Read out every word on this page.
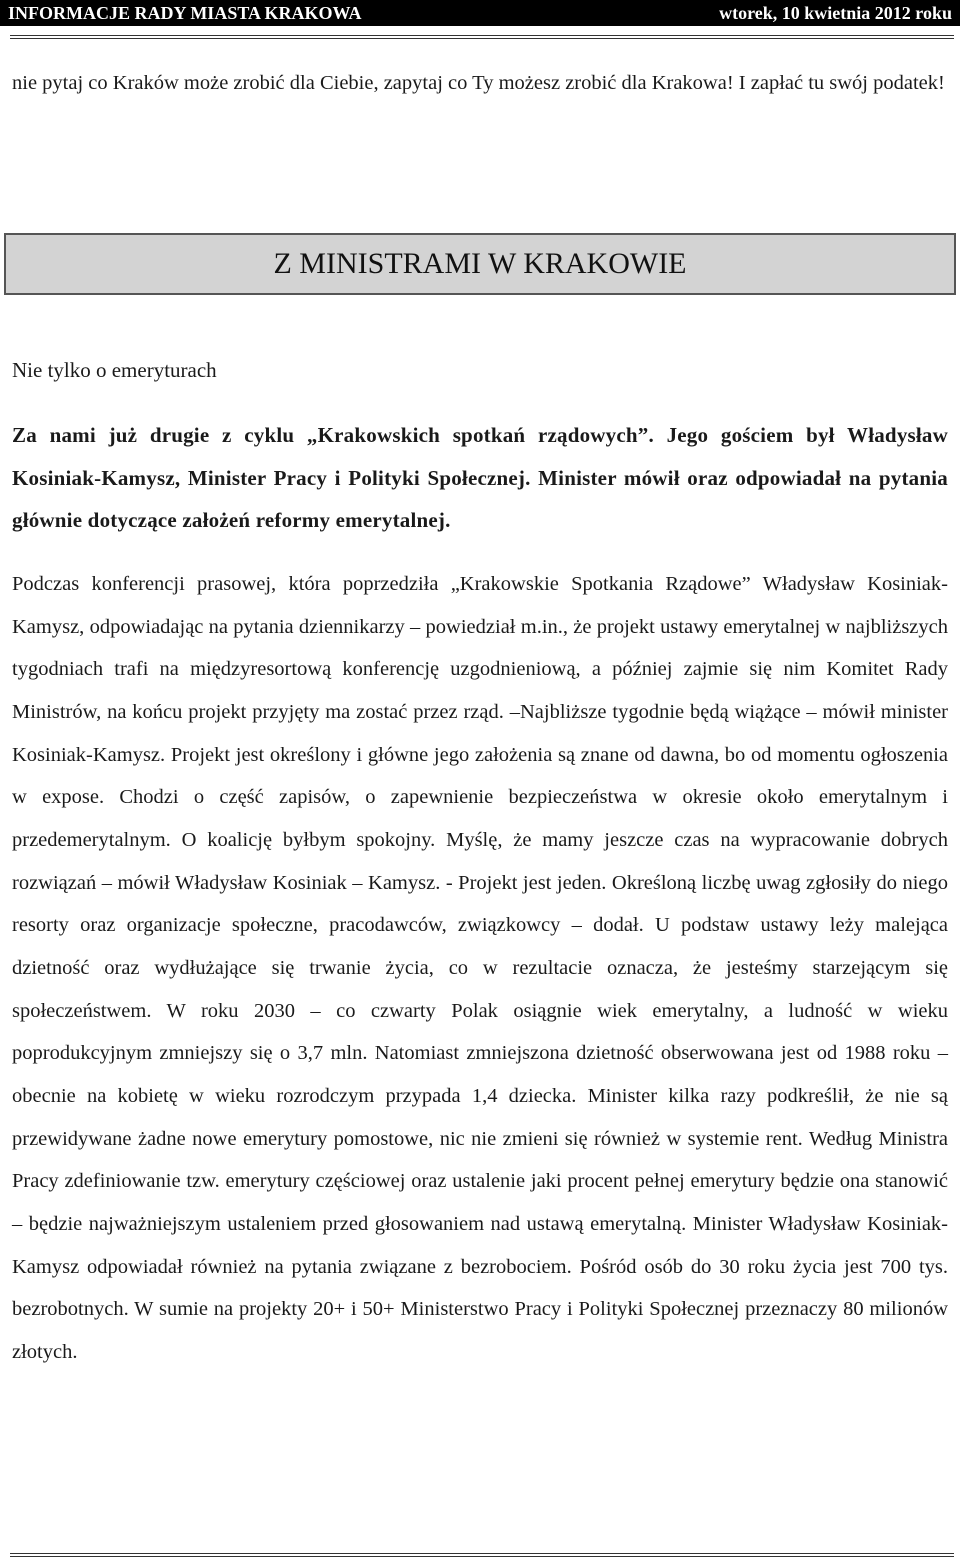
INFORMACJE RADY MIASTA KRAKOWA	wtorek, 10 kwietnia 2012 roku

nie pytaj co Kraków może zrobić dla Ciebie, zapytaj co Ty możesz zrobić dla Krakowa! I zapłać tu swój podatek!

Z MINISTRAMI W KRAKOWIE

Nie tylko o emeryturach

Za nami już drugie z cyklu „Krakowskich spotkań rządowych”. Jego gościem był Władysław Kosiniak-Kamysz, Minister Pracy i Polityki Społecznej. Minister mówił oraz odpowiadał na pytania głównie dotyczące założeń reformy emerytalnej.

Podczas konferencji prasowej, która poprzedziła „Krakowskie Spotkania Rządowe” Władysław Kosiniak-Kamysz, odpowiadając na pytania dziennikarzy – powiedział m.in., że projekt ustawy emerytalnej w najbliższych tygodniach trafi na międzyresortową konferencję uzgodnieniową, a później zajmie się nim Komitet Rady Ministrów, na końcu projekt przyjęty ma zostać przez rząd. –Najbliższe tygodnie będą wiążące – mówił minister Kosiniak-Kamysz. Projekt jest określony i główne jego założenia są znane od dawna, bo od momentu ogłoszenia w expose. Chodzi o część zapisów, o zapewnienie bezpieczeństwa w okresie około emerytalnym i przedemerytalnym. O koalicję byłbym spokojny. Myślę, że mamy jeszcze czas na wypracowanie dobrych rozwiązań – mówił Władysław Kosiniak – Kamysz. - Projekt jest jeden. Określoną liczbę uwag zgłosiły do niego resorty oraz organizacje społeczne, pracodawców, związkowcy – dodał. U podstaw ustawy leży malejąca dzietność oraz wydłużające się trwanie życia, co w rezultacie oznacza, że jesteśmy starzejącym się społeczeństwem. W roku 2030 – co czwarty Polak osiągnie wiek emerytalny, a ludność w wieku poprodukcyjnym zmniejszy się o 3,7 mln. Natomiast zmniejszona dzietność obserwowana jest od 1988 roku – obecnie na kobietę w wieku rozrodczym przypada 1,4 dziecka. Minister kilka razy podkreślił, że nie są przewidywane żadne nowe emerytury pomostowe, nic nie zmieni się również w systemie rent. Według Ministra Pracy zdefiniowanie tzw. emerytury częściowej oraz ustalenie jaki procent pełnej emerytury będzie ona stanowić – będzie najważniejszym ustaleniem przed głosowaniem nad ustawą emerytalną. Minister Władysław Kosiniak-Kamysz odpowiadał również na pytania związane z bezrobociem. Pośród osób do 30 roku życia jest 700 tys. bezrobotnych. W sumie na projekty 20+ i 50+ Ministerstwo Pracy i Polityki Społecznej przeznaczy 80 milionów złotych.
